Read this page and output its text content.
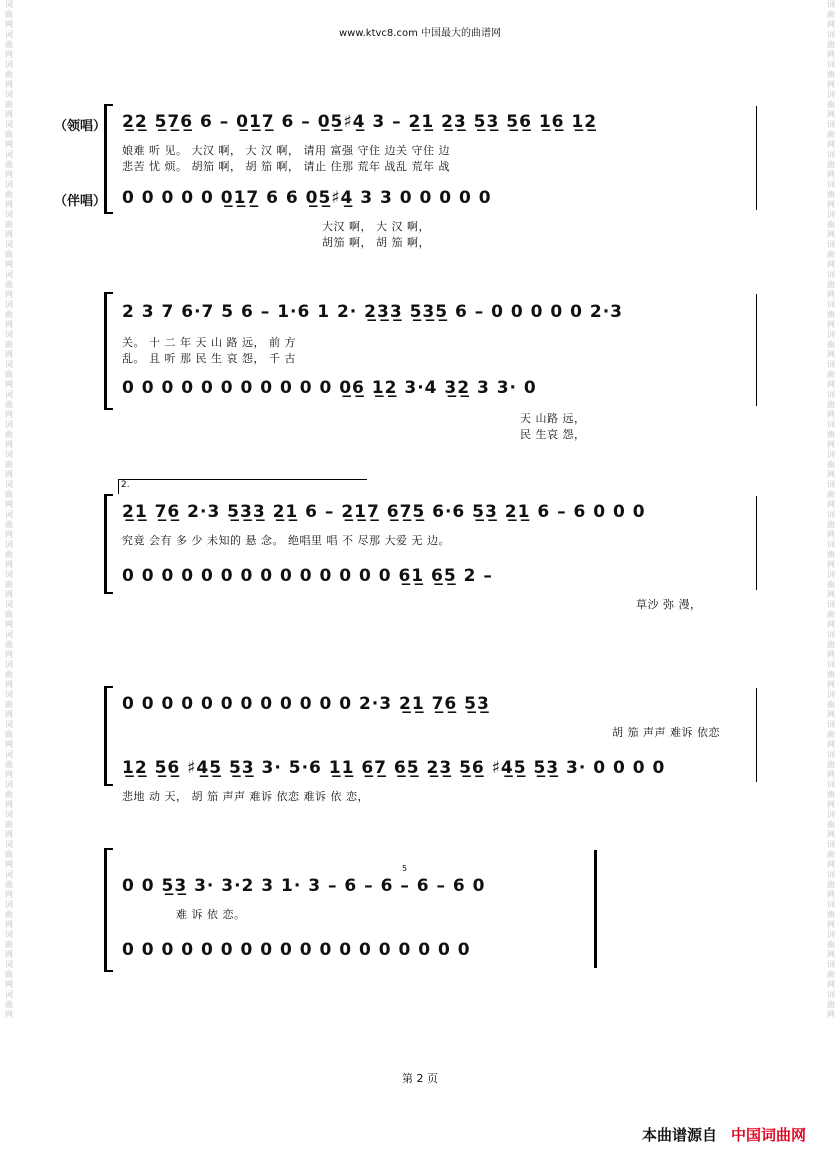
词曲网词曲网词曲网词曲网词曲网词曲网词曲网词曲网词曲网词曲网词曲网词曲网词曲网词曲网词曲网词曲网词曲网词曲网词曲网词曲网词曲网词曲网词曲网词曲网词曲网词曲网词曲网词曲网词曲网词曲网词曲网词曲网词曲网词曲网
词曲网词曲网词曲网词曲网词曲网词曲网词曲网词曲网词曲网词曲网词曲网词曲网词曲网词曲网词曲网词曲网词曲网词曲网词曲网词曲网词曲网词曲网词曲网词曲网词曲网词曲网词曲网词曲网词曲网词曲网词曲网词曲网词曲网词曲网
www.ktvc8.com 中国最大的曲谱网
（领唱）
（伴唱）
2̲2̲ 5̲7̲6̲ 6 – 0̲1̲7̲ 6 – 0̲5̲♯4̲ 3 – 2̲1̲ 2̲3̲ 5̲3̲ 5̲6̲ 1̲6̲ 1̲2̲
娘难 听 见。 大汉 啊， 大 汉 啊， 请用 富强 守住 边关 守住 边
悲苦 忧 烦。 胡笳 啊， 胡 笳 啊， 请止 住那 荒年 战乱 荒年 战
0 0 0 0 0 0̲1̲7̲ 6 6 0̲5̲♯4̲ 3 3 0 0 0 0 0
大汉 啊， 大 汉 啊，
胡笳 啊， 胡 笳 啊，
2 3 7 6·7 5 6 – 1·6 1 2· 2̲3̲3̲ 5̲3̲5̲ 6 – 0 0 0 0 0 2·3
关。 十 二 年 天 山 路 远， 前 方
乱。 且 听 那 民 生 哀 怨， 千 古
0 0 0 0 0 0 0 0 0 0 0 0̲6̲ 1̲2̲ 3·4 3̲2̲ 3 3· 0
天 山路 远，
民 生哀 怨，
2.
2̲1̲ 7̲6̲ 2·3 5̲3̲3̲ 2̲1̲ 6 – 2̲1̲7̲ 6̲7̲5̲ 6·6 5̲3̲ 2̲1̲ 6 – 6 0 0 0
究竟 会有 多 少 未知的 悬 念。 绝唱里 唱 不 尽那 大爱 无 边。
0 0 0 0 0 0 0 0 0 0 0 0 0 0 6̲1̲ 6̲5̲ 2 –
草沙 弥 漫，
0 0 0 0 0 0 0 0 0 0 0 0 2·3 2̲1̲ 7̲6̲ 5̲3̲
胡 笳 声声 难诉 依恋
1̲2̲ 5̲6̲ ♯4̲5̲ 5̲3̲ 3· 5·6 1̲1̲ 6̲7̲ 6̲5̲ 2̲3̲ 5̲6̲ ♯4̲5̲ 5̲3̲ 3· 0 0 0 0
悲地 动 天， 胡 笳 声声 难诉 依恋 难诉 依 恋，
5
0 0 5̲3̲ 3· 3·2 3 1· 3 – 6 – 6 – 6 – 6 0
难 诉 依 恋。
0 0 0 0 0 0 0 0 0 0 0 0 0 0 0 0 0 0
第 2 页
本曲谱源自 中国词曲网
